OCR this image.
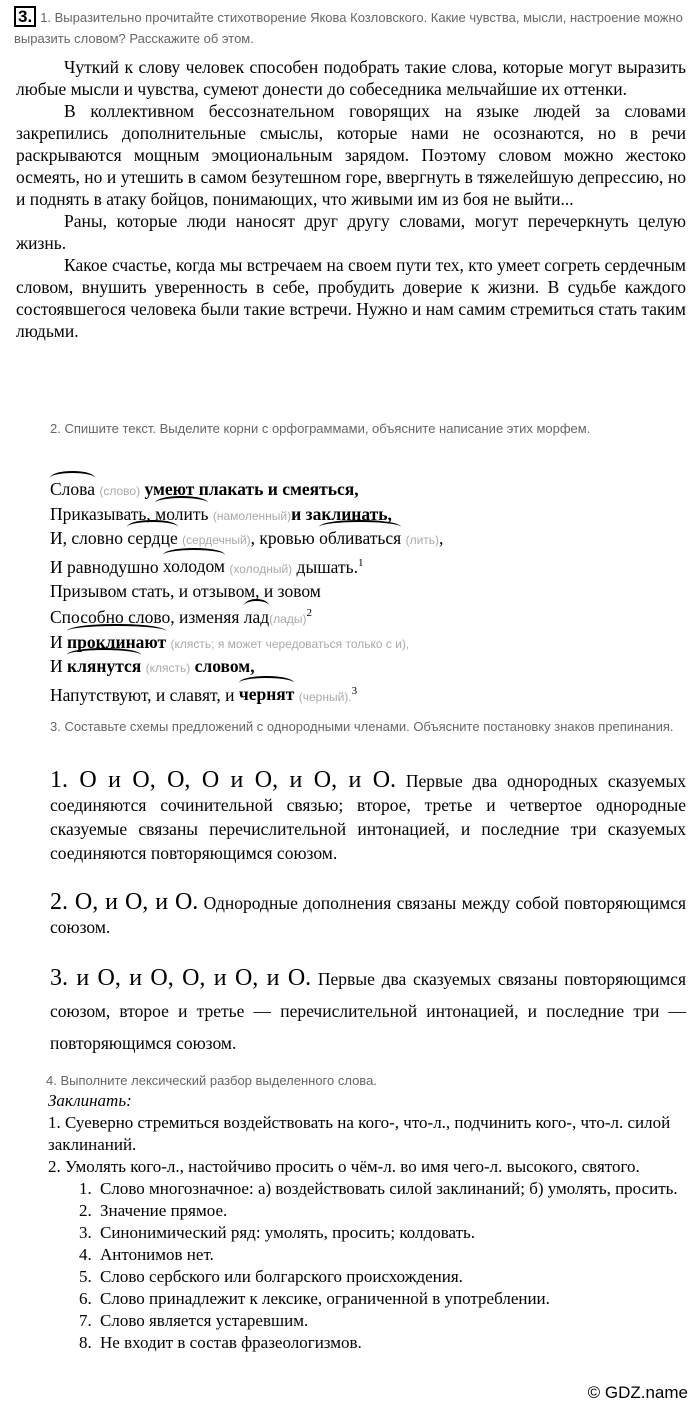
3. 1. Выразительно прочитайте стихотворение Якова Козловского. Какие чувства, мысли, настроение можно выразить словом? Расскажите об этом.

Чуткий к слову человек способен подобрать такие слова, которые могут выразить любые мысли и чувства, сумеют донести до собеседника мельчайшие их оттенки.

В коллективном бессознательном говорящих на языке людей за словами закрепились дополнительные смыслы, которые нами не осознаются, но в речи раскрываются мощным эмоциональным зарядом. Поэтому словом можно жестоко осмеять, но и утешить в самом безутешном горе, ввергнуть в тяжелейшую депрессию, но и поднять в атаку бойцов, понимающих, что живыми им из боя не выйти...

Раны, которые люди наносят друг другу словами, могут перечеркнуть целую жизнь.

Какое счастье, когда мы встречаем на своем пути тех, кто умеет согреть сердечным словом, внушить уверенность в себе, пробудить доверие к жизни. В судьбе каждого состоявшегося человека были такие встречи. Нужно и нам самим стремиться стать таким людьми.

2. Спишите текст. Выделите корни с орфограммами, объясните написание этих морфем.
Слова (слово) умеют плакать и смеяться,
Приказывать, молить (намоленный)и заклинать,
И, словно сердце (сердечный), кровью обливаться (лить),
И равнодушно холодом (холодный) дышать.$^1$
Призывом стать, и отзывом, и зовом
Способно слово, изменяя лад(лады)$^2$
И проклинают (клясть; я может чередоваться только с и),
И клянутся (клясть) словом,
Напутствуют, и славят, и чернят (черный).$^3$
3. Составьте схемы предложений с однородными членами. Объясните постановку знаков препинания.
1. О и О, О, О и О, и О, и О. Первые два однородных сказуемых соединяются сочинительной связью; второе, третье и четвертое однородные сказуемые связаны перечислительной интонацией, и последние три сказуемых соединяются повторяющимся союзом.
2. О, и О, и О. Однородные дополнения связаны между собой повторяющимся союзом.
3. и О, и О, О, и О, и О. Первые два сказуемых связаны повторяющимся союзом, второе и третье — перечислительной интонацией, и последние три — повторяющимся союзом.
4. Выполните лексический разбор выделенного слова.
Заклинать:
1. Суеверно стремиться воздействовать на кого-, что-л., подчинить кого-, что-л. силой заклинаний.
2. Умолять кого-л., настойчиво просить о чём-л. во имя чего-л. высокого, святого.
1. Слово многозначное: а) воздействовать силой заклинаний; б) умолять, просить.
2. Значение прямое.
3. Синонимический ряд: умолять, просить; колдовать.
4. Антонимов нет.
5. Слово сербского или болгарского происхождения.
6. Слово принадлежит к лексике, ограниченной в употреблении.
7. Слово является устаревшим.
8. Не входит в состав фразеологизмов.
© GDZ.name
